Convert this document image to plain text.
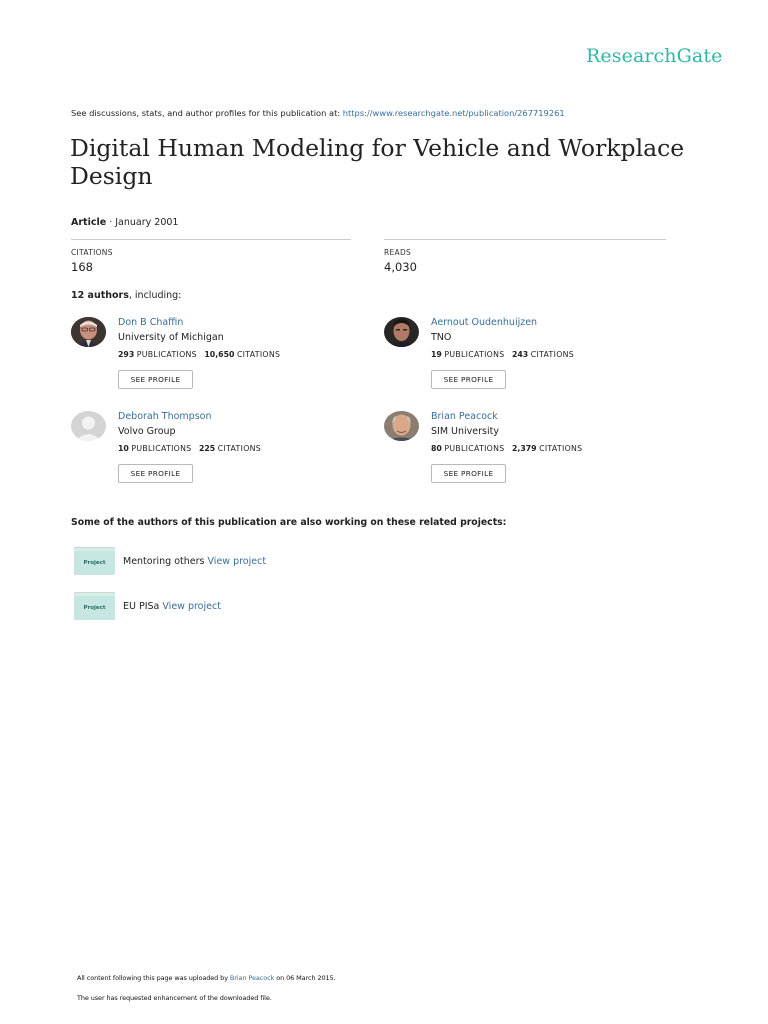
ResearchGate
See discussions, stats, and author profiles for this publication at: https://www.researchgate.net/publication/267719261
Digital Human Modeling for Vehicle and Workplace Design
Article · January 2001
CITATIONS
168
READS
4,030
12 authors, including:
Don B Chaffin
University of Michigan
293 PUBLICATIONS 10,650 CITATIONS
SEE PROFILE
Aernout Oudenhuijzen
TNO
19 PUBLICATIONS 243 CITATIONS
SEE PROFILE
Deborah Thompson
Volvo Group
10 PUBLICATIONS 225 CITATIONS
SEE PROFILE
Brian Peacock
SIM University
80 PUBLICATIONS 2,379 CITATIONS
SEE PROFILE
Some of the authors of this publication are also working on these related projects:
Project	Mentoring others View project
Project	EU PISa View project
All content following this page was uploaded by Brian Peacock on 06 March 2015.
The user has requested enhancement of the downloaded file.
